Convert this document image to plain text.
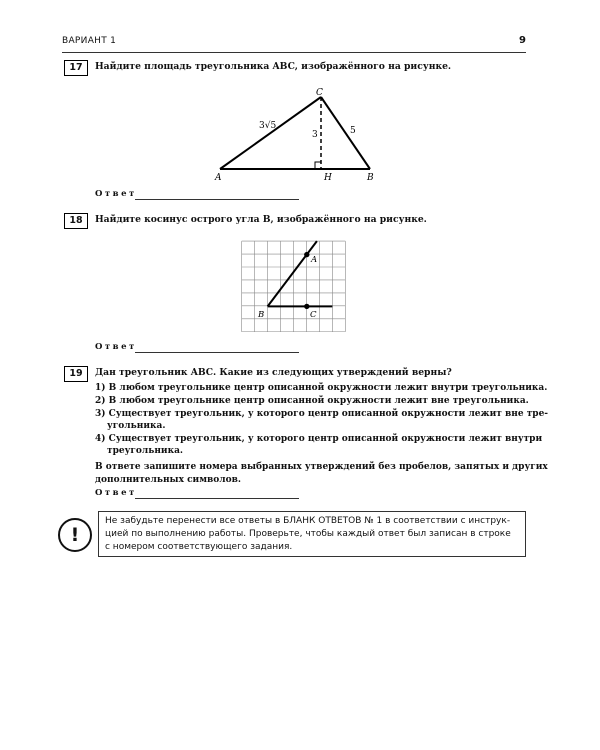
ВАРИАНТ 1	9
17	Найдите площадь треугольника ABC, изображённого на рисунке.
A	B
C
H
3√5
3	5
Ответ
18	Найдите косинус острого угла B, изображённого на рисунке.
A
B	C
Ответ
19	Дан треугольник ABC. Какие из следующих утверждений верны?
1) В любом треугольнике центр описанной окружности лежит внутри треугольника.
2) В любом треугольнике центр описанной окружности лежит вне треугольника.
3) Существует треугольник, у которого центр описанной окружности лежит вне тре-
угольника.
4) Существует треугольник, у которого центр описанной окружности лежит внутри
треугольника.
В ответе запишите номера выбранных утверждений без пробелов, запятых и других
дополнительных символов.
Ответ
!
Не забудьте перенести все ответы в БЛАНК ОТВЕТОВ № 1 в соответствии с инструк-
цией по выполнению работы. Проверьте, чтобы каждый ответ был записан в строке
с номером соответствующего задания.
